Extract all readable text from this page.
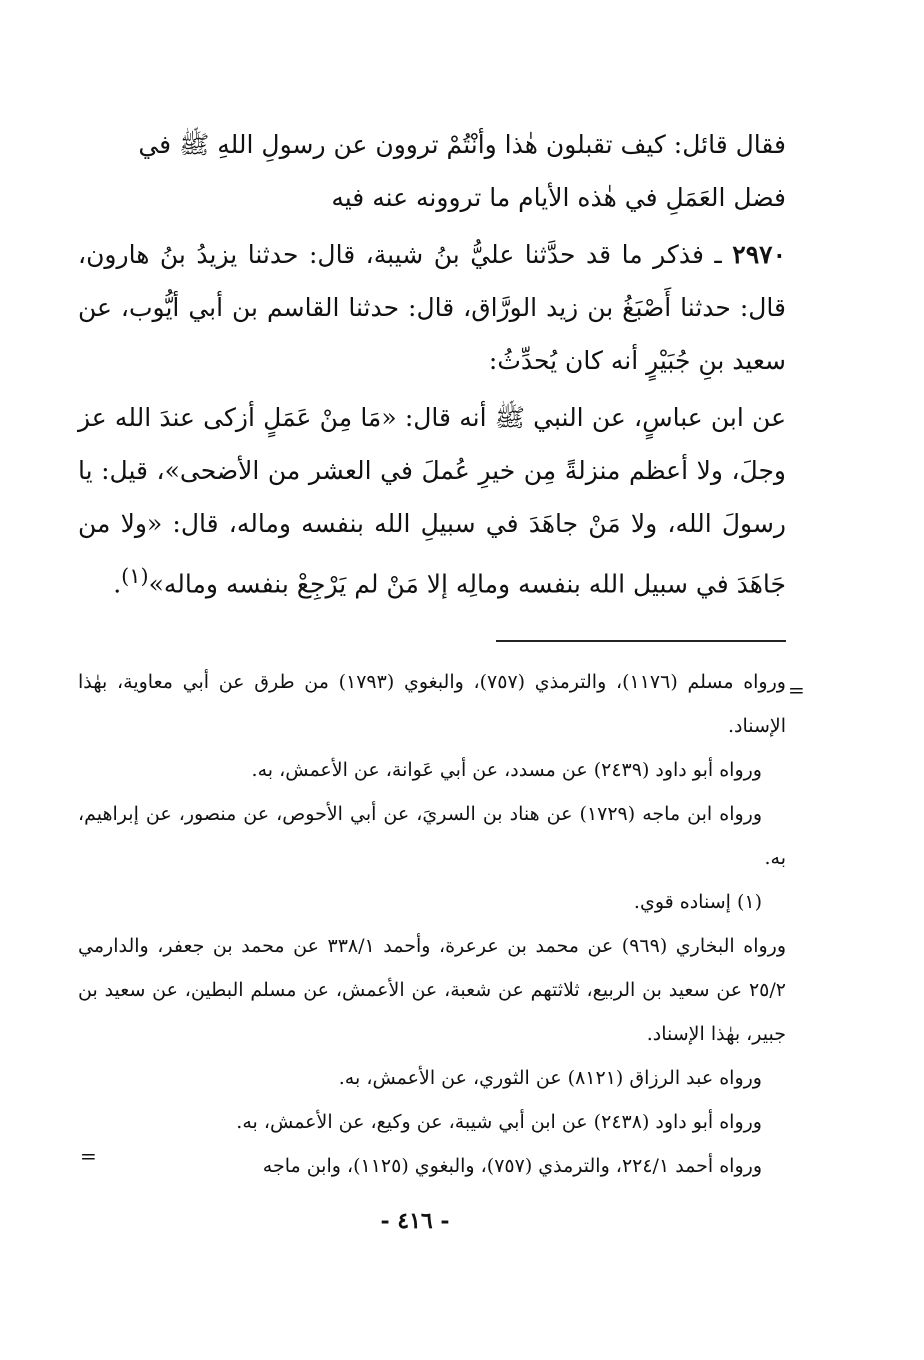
فقال قائل: كيف تقبلون هٰذا وأنْتُمْ تروون عن رسولِ اللهِ ﷺ في
فضل العَمَلِ في هٰذه الأيام ما تروونه عنه فيه

٢٩٧٠ ـ فذكر ما قد حدَّثنا عليُّ بنُ شيبة، قال: حدثنا يزيدُ بنُ هارون، قال: حدثنا أَصْبَغُ بن زيد الورَّاق، قال: حدثنا القاسم بن أبي أيُّوب، عن سعيد بنِ جُبَيْرٍ أنه كان يُحدِّثُ:

عن ابن عباسٍ، عن النبي ﷺ أنه قال: «مَا مِنْ عَمَلٍ أزكى عندَ الله عز وجلَ، ولا أعظم منزلةً مِن خيرِ عُملَ في العشر من الأضحى»، قيل: يا رسولَ الله، ولا مَنْ جاهَدَ في سبيلِ الله بنفسه وماله، قال: «ولا من جَاهَدَ في سبيل الله بنفسه ومالِه إلا مَنْ لم يَرْجِعْ بنفسه وماله»$^{(١)}$.

=

ورواه مسلم (١١٧٦)، والترمذي (٧٥٧)، والبغوي (١٧٩٣) من طرق عن أبي معاوية، بهٰذا الإسناد.

ورواه أبو داود (٢٤٣٩) عن مسدد، عن أبي عَوانة، عن الأعمش، به.

ورواه ابن ماجه (١٧٢٩) عن هناد بن السريَ، عن أبي الأحوص، عن منصور، عن إبراهيم، به.

(١) إسناده قوي.

ورواه البخاري (٩٦٩) عن محمد بن عرعرة، وأحمد ٣٣٨/١ عن محمد بن جعفر، والدارمي ٢٥/٢ عن سعيد بن الربيع، ثلاثتهم عن شعبة، عن الأعمش، عن مسلم البطين، عن سعيد بن جبير، بهٰذا الإسناد.

ورواه عبد الرزاق (٨١٢١) عن الثوري، عن الأعمش، به.

ورواه أبو داود (٢٤٣٨) عن ابن أبي شيبة، عن وكيع، عن الأعمش، به.

ورواه أحمد ٢٢٤/١، والترمذي (٧٥٧)، والبغوي (١١٢٥)، وابن ماجه

=
- ٤١٦ -
